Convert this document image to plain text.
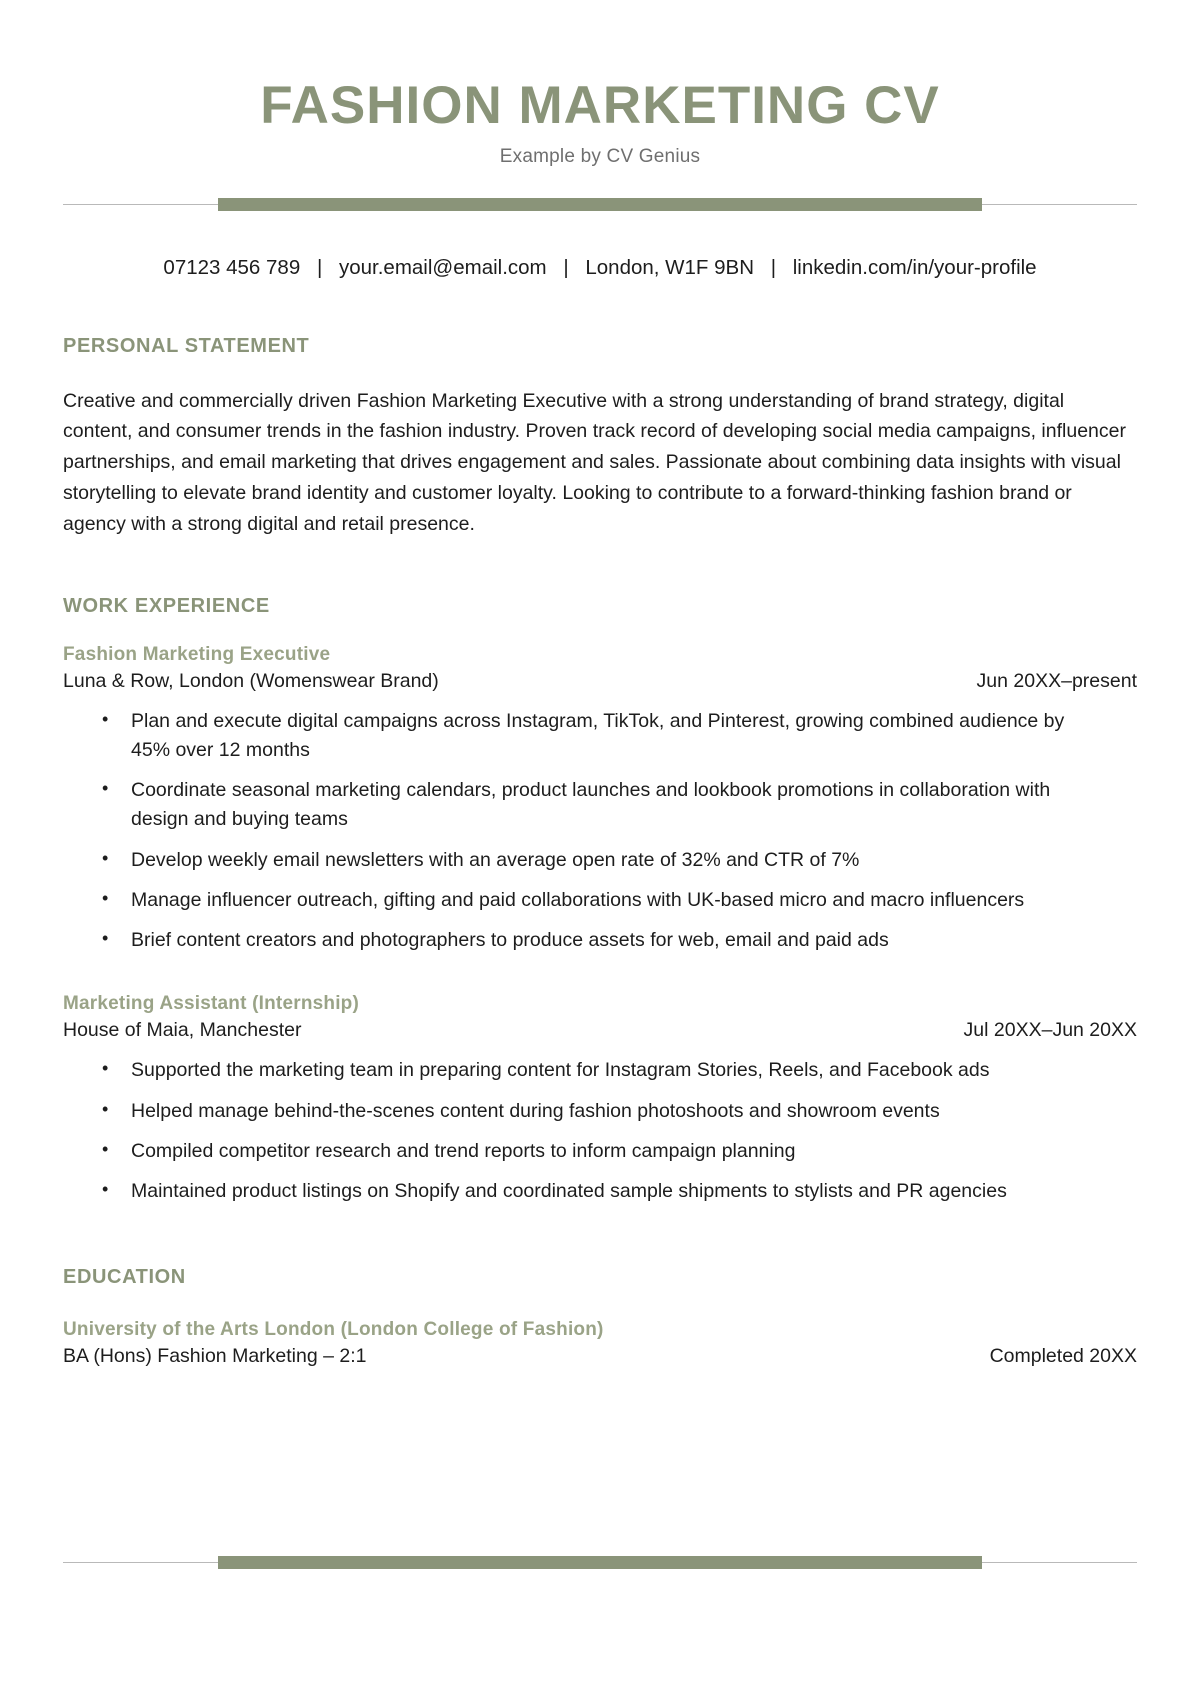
FASHION MARKETING CV
Example by CV Genius
07123 456 789 | your.email@email.com | London, W1F 9BN | linkedin.com/in/your-profile
PERSONAL STATEMENT

Creative and commercially driven Fashion Marketing Executive with a strong understanding of brand strategy, digital content, and consumer trends in the fashion industry. Proven track record of developing social media campaigns, influencer partnerships, and email marketing that drives engagement and sales. Passionate about combining data insights with visual storytelling to elevate brand identity and customer loyalty. Looking to contribute to a forward-thinking fashion brand or agency with a strong digital and retail presence.

WORK EXPERIENCE
Fashion Marketing Executive
Luna & Row, London (Womenswear Brand)	Jun 20XX–present
• Plan and execute digital campaigns across Instagram, TikTok, and Pinterest, growing combined audience by 45% over 12 months
• Coordinate seasonal marketing calendars, product launches and lookbook promotions in collaboration with design and buying teams
• Develop weekly email newsletters with an average open rate of 32% and CTR of 7%
• Manage influencer outreach, gifting and paid collaborations with UK-based micro and macro influencers
• Brief content creators and photographers to produce assets for web, email and paid ads
Marketing Assistant (Internship)
House of Maia, Manchester	Jul 20XX–Jun 20XX
• Supported the marketing team in preparing content for Instagram Stories, Reels, and Facebook ads
• Helped manage behind-the-scenes content during fashion photoshoots and showroom events
• Compiled competitor research and trend reports to inform campaign planning
• Maintained product listings on Shopify and coordinated sample shipments to stylists and PR agencies
EDUCATION
University of the Arts London (London College of Fashion)
BA (Hons) Fashion Marketing – 2:1	Completed 20XX
